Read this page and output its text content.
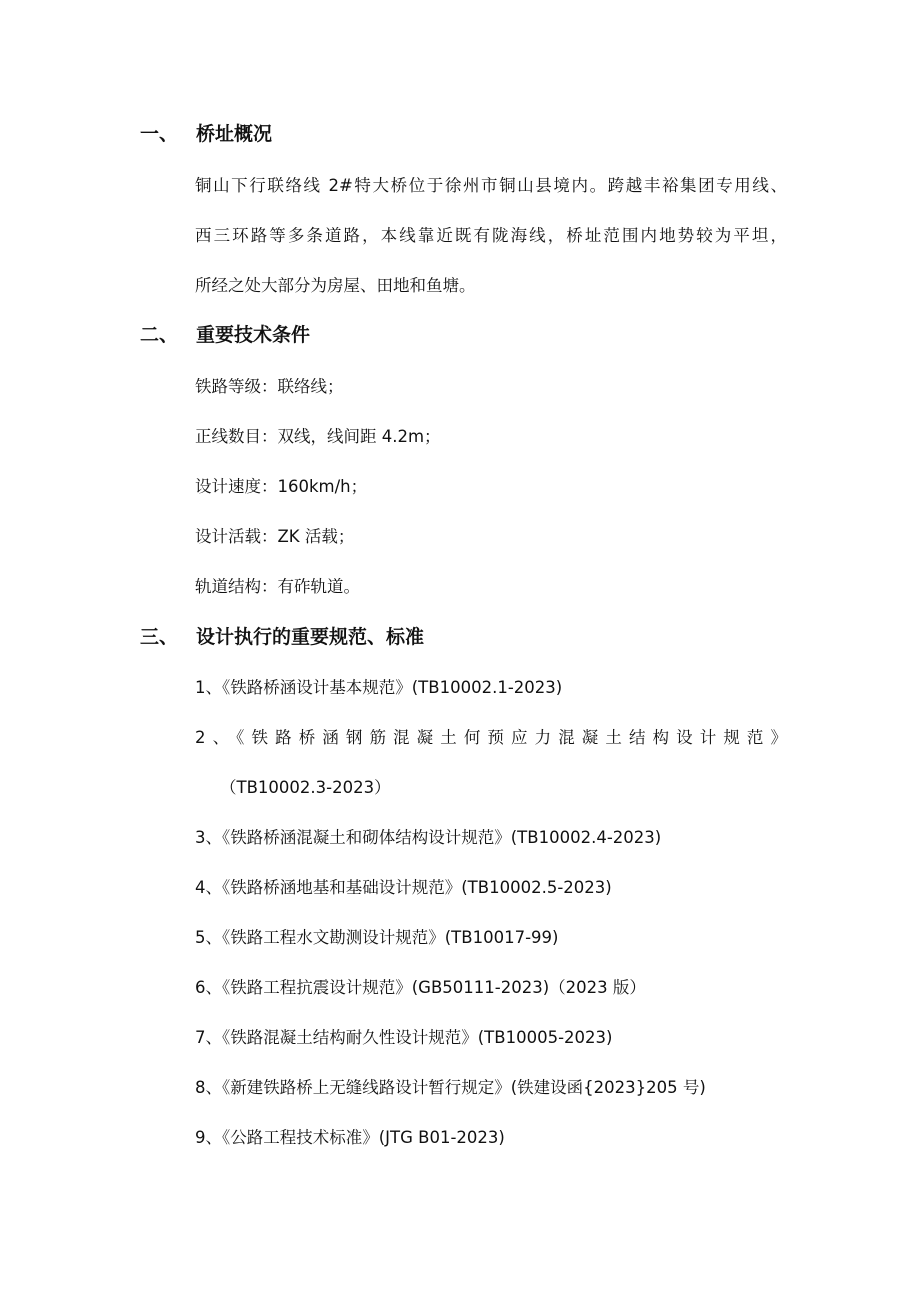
一、 桥址概况
铜山下行联络线 2#特大桥位于徐州市铜山县境内。跨越丰裕集团专用线、
西三环路等多条道路，本线靠近既有陇海线，桥址范围内地势较为平坦，
所经之处大部分为房屋、田地和鱼塘。
二、 重要技术条件
铁路等级：联络线；
正线数目：双线，线间距 4.2m；
设计速度：160km/h；
设计活载：ZK 活载；
轨道结构：有砟轨道。
三、 设计执行的重要规范、标准
1、《铁路桥涵设计基本规范》(TB10002.1-2023)
2、《铁路桥涵钢筋混凝土何预应力混凝土结构设计规范》
（TB10002.3-2023）
3、《铁路桥涵混凝土和砌体结构设计规范》(TB10002.4-2023)
4、《铁路桥涵地基和基础设计规范》(TB10002.5-2023)
5、《铁路工程水文勘测设计规范》(TB10017-99)
6、《铁路工程抗震设计规范》(GB50111-2023)（2023 版）
7、《铁路混凝土结构耐久性设计规范》(TB10005-2023)
8、《新建铁路桥上无缝线路设计暂行规定》(铁建设函{2023}205 号)
9、《公路工程技术标准》(JTG B01-2023)
